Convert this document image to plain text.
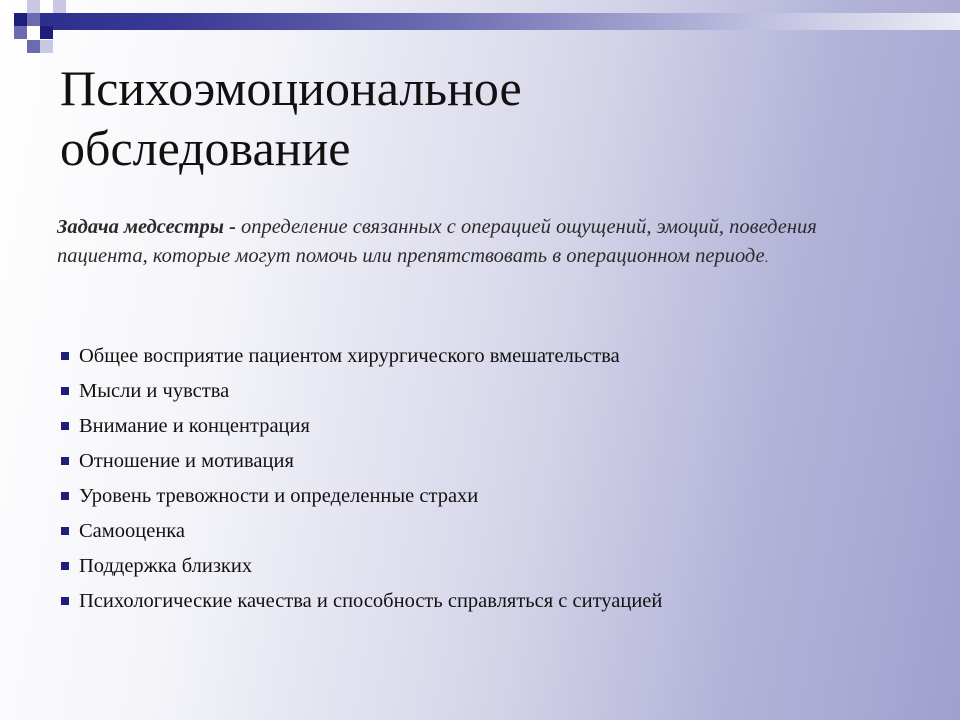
Психоэмоциональное
обследование

Задача медсестры - определение связанных с операцией ощущений, эмоций, поведения пациента, которые могут помочь или препятствовать в операционном периоде.

Общее восприятие пациентом хирургического вмешательства
Мысли и чувства
Внимание и концентрация
Отношение и мотивация
Уровень тревожности и определенные страхи
Самооценка
Поддержка близких
Психологические качества и способность справляться с ситуацией
